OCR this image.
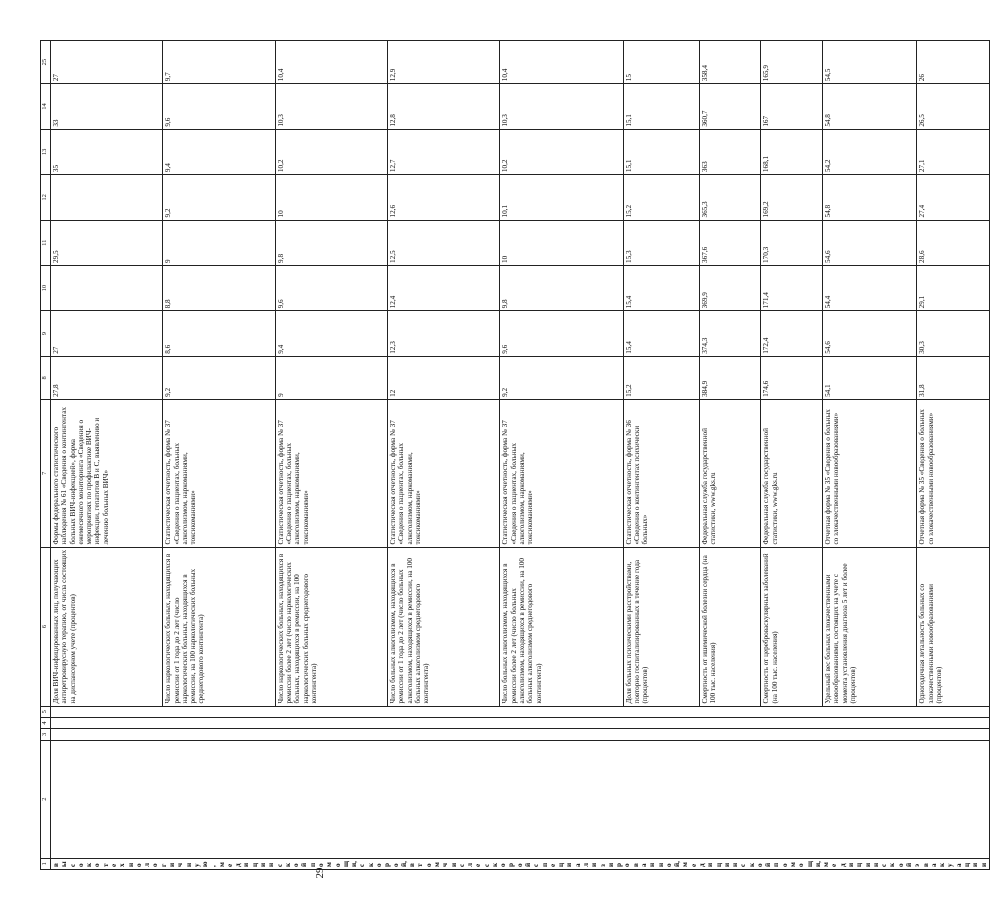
29
1	2	3	4	5	6	7	8	9	10	11	12	13	14	25
высокотехнологичную, медицинской помощи, скорой, в том числе скорой специализированной, медицинской помощи, медицинской эвакуации					Доля ВИЧ-инфицированных лиц, получающих антиретровирусную терапию, от числа состоящих на диспансерном учете (процентов)	Формы федерального статистического наблюдения № 61 «Сведения о контингентах больных ВИЧ-инфекцией», форма ежемесячного мониторинга «Сведения о мероприятиях по профилактике ВИЧ-инфекции, гепатитов В и С, выявлению и лечению больных ВИЧ»	27,8	27		29,5		35	33	27
					Число наркологических больных, находящихся в ремиссии от 1 года до 2 лет (число наркологических больных, находящихся в ремиссии, на 100 наркологических больных среднегодового контингента)	Статистическая отчетность, форма № 37 «Сведения о пациентах, больных алкоголизмом, наркоманиями, токсикоманиями»	9,2	8,6	8,8	9	9,2	9,4	9,6	9,7
					Число наркологических больных, находящихся в ремиссии более 2 лет (число наркологических больных, находящихся в ремиссии, на 100 наркологических больных среднегодового контингента)	Статистическая отчетность, форма № 37 «Сведения о пациентах, больных алкоголизмом, наркоманиями, токсикоманиями»	9	9,4	9,6	9,8	10	10,2	10,3	10,4
					Число больных алкоголизмом, находящихся в ремиссии от 1 года до 2 лет (число больных алкоголизмом, находящихся в ремиссии, на 100 больных алкоголизмом среднегодового контингента)	Статистическая отчетность, форма № 37 «Сведения о пациентах, больных алкоголизмом, наркоманиями, токсикоманиями»	12	12,3	12,4	12,5	12,6	12,7	12,8	12,9
					Число больных алкоголизмом, находящихся в ремиссии более 2 лет (число больных алкоголизмом, находящихся в ремиссии, на 100 больных алкоголизмом среднегодового контингента)	Статистическая отчетность, форма № 37 «Сведения о пациентах, больных алкоголизмом, наркоманиями, токсикоманиями»	9,2	9,6	9,8	10	10,1	10,2	10,3	10,4
					Доля больных психическими расстройствами, повторно госпитализированных в течение года (процентов)	Статистическая отчетность, форма № 36 «Сведения о контингентах психически больных»	15,2	15,4	15,4	15,3	15,2	15,1	15,1	15
					Смертность от ишемической болезни сердца (на 100 тыс. населения)	Федеральная служба государственной статистики, www.gks.ru	384,9	374,3	369,9	367,6	365,3	363	360,7	358,4
					Смертность от цереброваскулярных заболеваний (на 100 тыс. населения)	Федеральная служба государственной статистики, www.gks.ru	174,6	172,4	171,4	170,3	169,2	168,1	167	165,9
					Удельный вес больных злокачественными новообразованиями, состоящих на учете с момента установления диагноза 5 лет и более (процентов)	Отчетная форма № 35 «Сведения о больных со злокачественными новообразованиями»	54,1	54,6	54,4	54,6	54,8	54,2	54,8	54,5
					Одногодичная летальность больных со злокачественными новообразованиями (процентов)	Отчетная форма № 35 «Сведения о больных со злокачественными новообразованиями»	31,8	30,3	29,1	28,6	27,4	27,1	26,5	26
